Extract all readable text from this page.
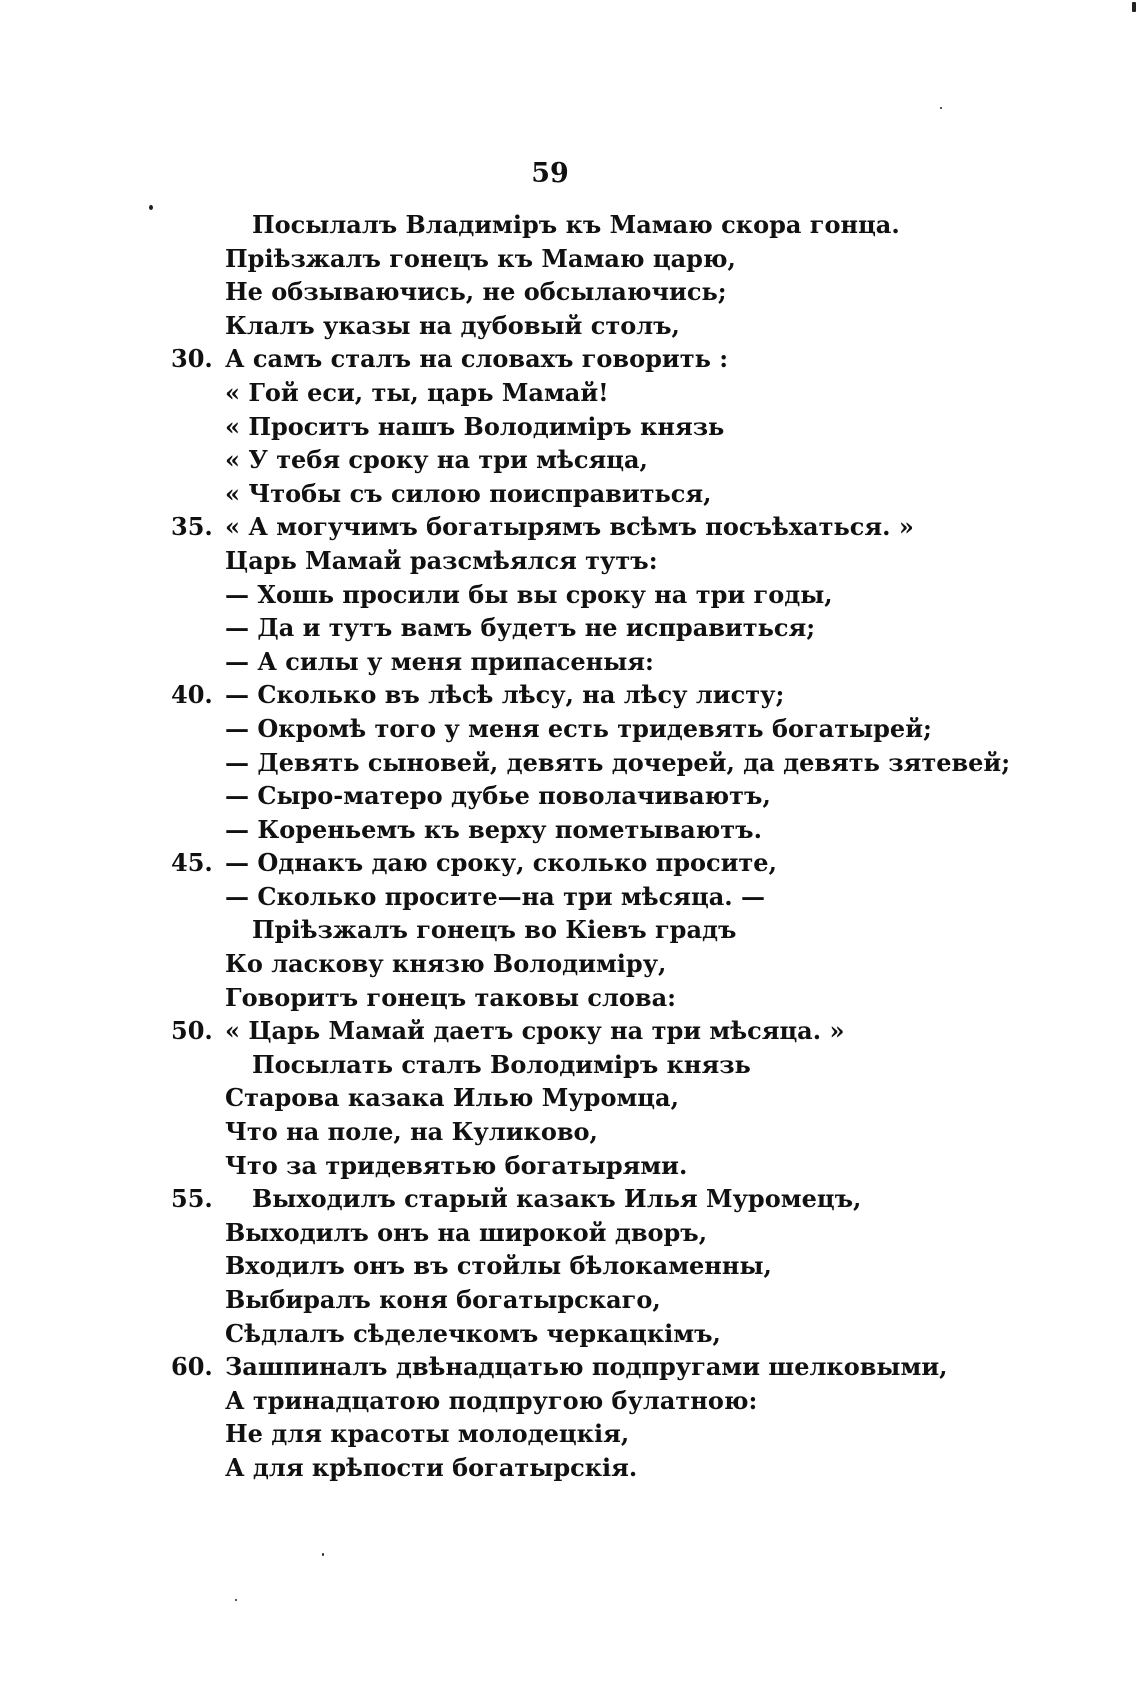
59
Посылалъ Владиміръ къ Мамаю скора гонца.
Пріѣзжалъ гонецъ къ Мамаю царю,
Не обзываючись, не обсылаючись;
Клалъ указы на дубовый столъ,
30. А самъ сталъ на словахъ говорить :
« Гой еси, ты, царь Мамай!
« Проситъ нашъ Володиміръ князь
« У тебя сроку на три мѣсяца,
« Чтобы съ силою поисправиться,
35. « А могучимъ богатырямъ всѣмъ посъѣхаться. »
Царь Мамай разсмѣялся тутъ:
— Хошь просили бы вы сроку на три годы,
— Да и тутъ вамъ будетъ не исправиться;
— А силы у меня припасеныя:
40. — Сколько въ лѣсѣ лѣсу, на лѣсу листу;
— Окромѣ того у меня есть тридевять богатырей;
— Девять сыновей, девять дочерей, да девять зятевей;
— Сыро-матеро дубье поволачиваютъ,
— Кореньемъ къ верху пометываютъ.
45. — Однакъ даю сроку, сколько просите,
— Сколько просите—на три мѣсяца. —
Пріѣзжалъ гонецъ во Кіевъ градъ
Ко ласкову князю Володиміру,
Говоритъ гонецъ таковы слова:
50. « Царь Мамай даетъ сроку на три мѣсяца. »
Посылать сталъ Володиміръ князь
Старова казака Илью Муромца,
Что на поле, на Куликово,
Что за тридевятью богатырями.
55.	Выходилъ старый казакъ Илья Муромецъ,
Выходилъ онъ на широкой дворъ,
Входилъ онъ въ стойлы бѣлокаменны,
Выбиралъ коня богатырскаго,
Сѣдлалъ сѣделечкомъ черкацкімъ,
60. Зашпиналъ двѣнадцатью подпругами шелковыми,
А тринадцатою подпругою булатною:
Не для красоты молодецкія,
А для крѣпости богатырскія.
